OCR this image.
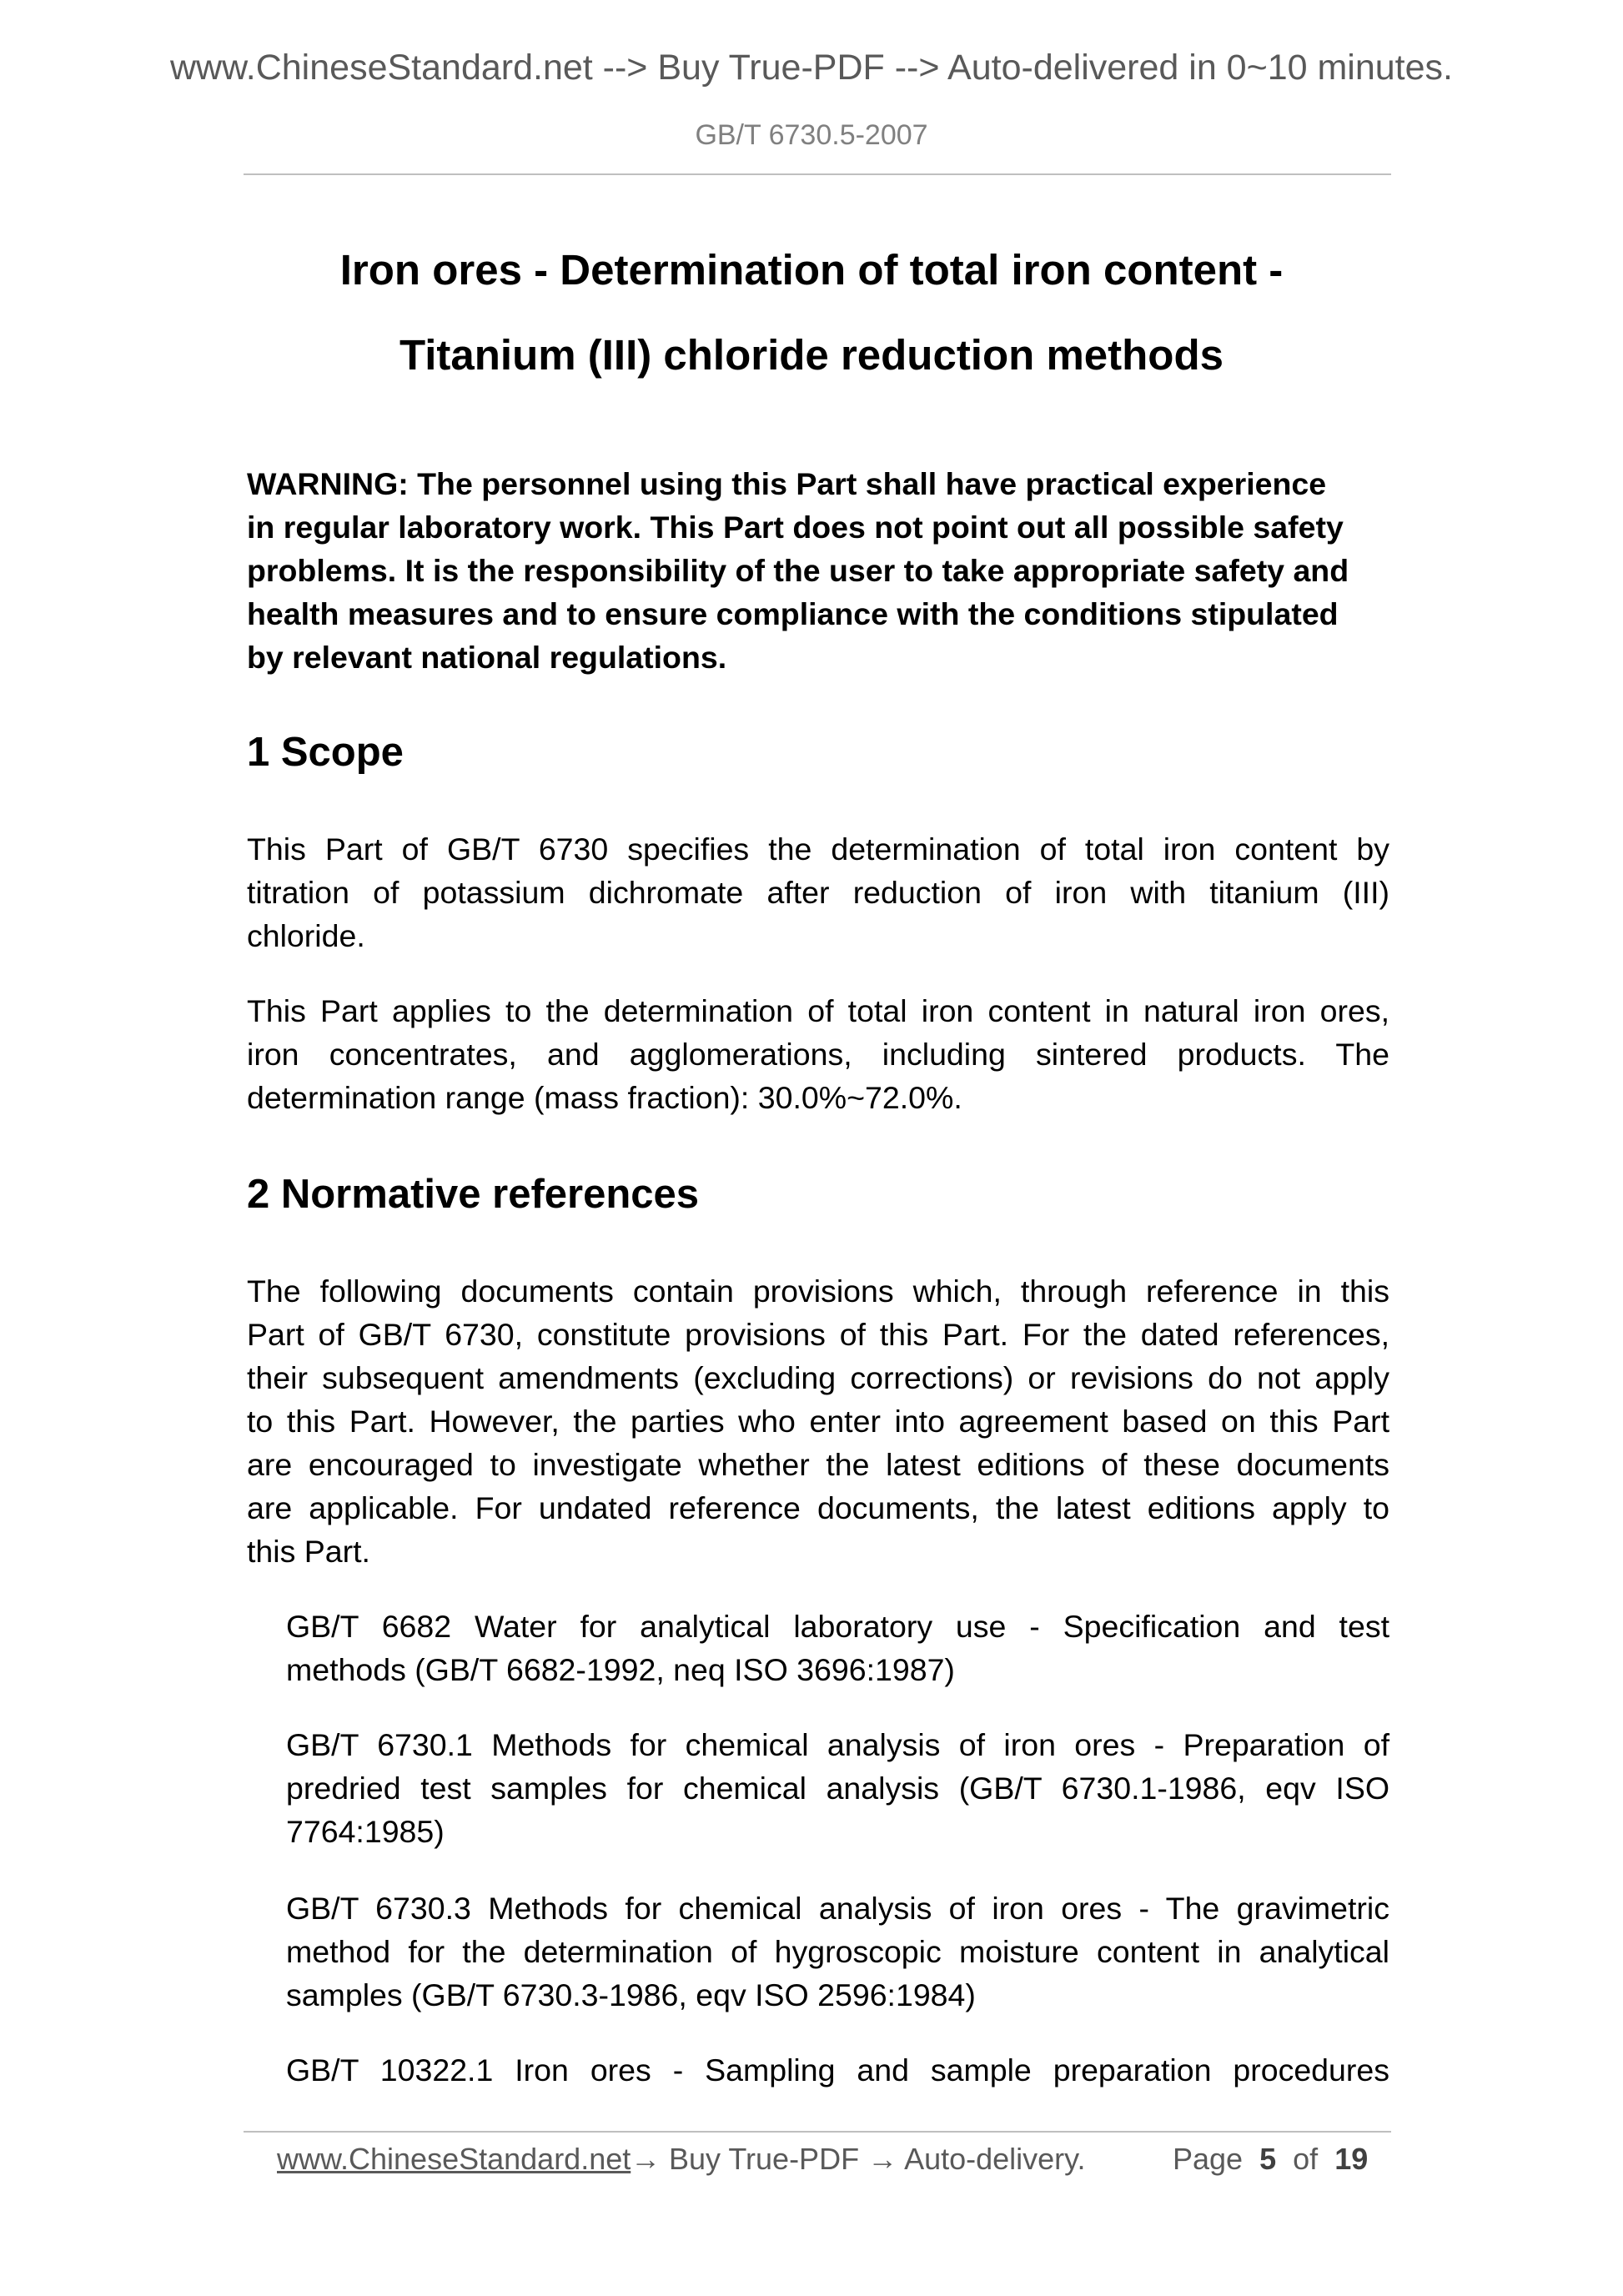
www.ChineseStandard.net --> Buy True-PDF --> Auto-delivered in 0~10 minutes.
GB/T 6730.5-2007
Iron ores - Determination of total iron content -
Titanium (III) chloride reduction methods
WARNING: The personnel using this Part shall have practical experience
in regular laboratory work. This Part does not point out all possible safety
problems. It is the responsibility of the user to take appropriate safety and
health measures and to ensure compliance with the conditions stipulated
by relevant national regulations.
1 Scope
This Part of GB/T 6730 specifies the determination of total iron content by
titration of potassium dichromate after reduction of iron with titanium (III)
chloride.
This Part applies to the determination of total iron content in natural iron ores,
iron concentrates, and agglomerations, including sintered products. The
determination range (mass fraction): 30.0%~72.0%.
2 Normative references
The following documents contain provisions which, through reference in this
Part of GB/T 6730, constitute provisions of this Part. For the dated references,
their subsequent amendments (excluding corrections) or revisions do not apply
to this Part. However, the parties who enter into agreement based on this Part
are encouraged to investigate whether the latest editions of these documents
are applicable. For undated reference documents, the latest editions apply to
this Part.
GB/T 6682 Water for analytical laboratory use - Specification and test
methods (GB/T 6682-1992, neq ISO 3696:1987)
GB/T 6730.1 Methods for chemical analysis of iron ores - Preparation of
predried test samples for chemical analysis (GB/T 6730.1-1986, eqv ISO
7764:1985)
GB/T 6730.3 Methods for chemical analysis of iron ores - The gravimetric
method for the determination of hygroscopic moisture content in analytical
samples (GB/T 6730.3-1986, eqv ISO 2596:1984)
GB/T 10322.1 Iron ores - Sampling and sample preparation procedures
www.ChineseStandard.net → Buy True-PDF → Auto-delivery.	Page 5 of 19
